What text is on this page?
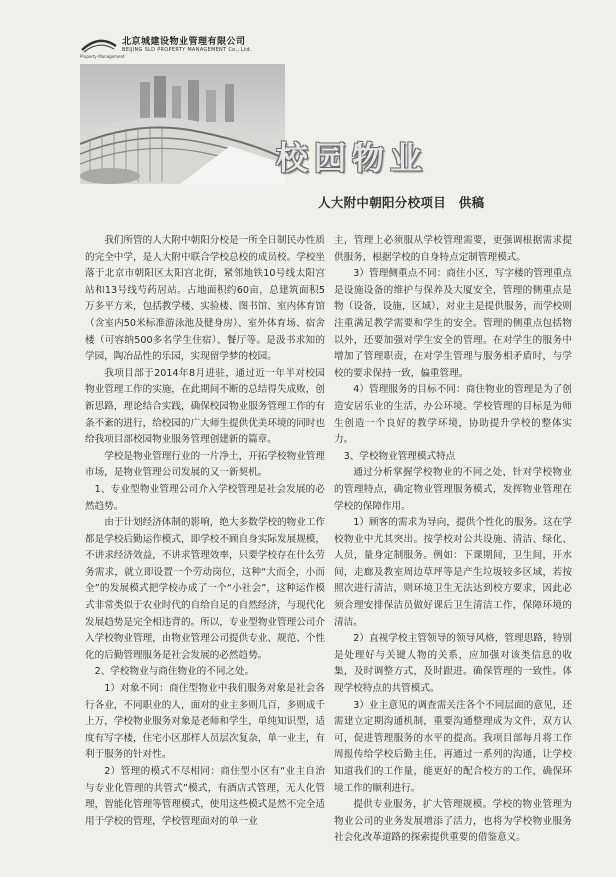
北京城建设物业管理有限公司
BEIJING SLD PROPERTY MANAGEMENT Co., Ltd.
Property Management
校园物业
人大附中朝阳分校项目　供稿

我们所管的人大附中朝阳分校是一所全日制民办性质的完全中学，是人大附中联合学校总校的成员校。学校坐落于北京市朝阳区太阳宫北街，紧邻地铁10号线太阳宫站和13号线芍药居站。占地面积约60亩，总建筑面积5万多平方米，包括教学楼、实验楼、图书馆、室内体育馆（含室内50米标准游泳池及健身房）、室外体育场、宿舍楼（可容纳500多名学生住宿）、餐厅等。是汲书求知的学园，陶冶品性的乐园，实现留学梦的校园。

我项目部于2014年8月进驻，通过近一年半对校园物业管理工作的实施，在此期间不断的总结得失成败，创新思路，理论结合实践，确保校园物业服务管理工作的有条不紊的进行，给校园的广大师生提供优美环境的同时也给我项目部校园物业服务管理创建新的篇章。

学校是物业管理行业的一片净土，开拓学校物业管理市场，是物业管理公司发展的又一新契机。

1、专业型物业管理公司介入学校管理是社会发展的必然趋势。

由于计划经济体制的影响，绝大多数学校的物业工作都是学校后勤运作模式，即学校不顾自身实际发展规模，不讲求经济效益，不讲求管理效率，只要学校存在什么劳务需求，就立即设置一个劳动岗位，这种“大而全，小而全”的发展模式把学校办成了一个“小社会”，这种运作模式非常类似于农业时代的自给自足的自然经济，与现代化发展趋势是完全相违背的。所以，专业型物业管理公司介入学校物业管理，由物业管理公司提供专业、规范、个性化的后勤管理服务是社会发展的必然趋势。

2、学校物业与商住物业的不同之处。

1）对象不同：商住型物业中我们服务对象是社会各行各业，不同职业的人，面对的业主多则几百，多则成千上万，学校物业服务对象是老师和学生，单纯知识型，适度有写字楼，住宅小区那样人员层次复杂，单一业主，有利于服务的针对性。

2）管理的模式不尽相同：商住型小区有“业主自治与专业化管理的共管式”模式，有酒店式管理，无人化管理，智能化管理等管理模式，使用这些模式是然不完全适用于学校的管理，学校管理面对的单一业

主，管理上必须服从学校管理需要，更强调根据需求提供服务，根据学校的自身特点定制管理模式。

3）管理侧重点不同：商住小区，写字楼的管理重点是设施设备的维护与保养及大厦安全，管理的侧重点是物（设备，设施，区域），对业主是提供服务，而学校则注重满足教学需要和学生的安全。管理的侧重点包括物以外，还要加强对学生安全的管理。在对学生的服务中增加了管理职责，在对学生管理与服务相矛盾时，与学校的要求保持一致，偏重管理。

4）管理服务的目标不同：商住物业的管理是为了创造安居乐业的生活，办公环境。学校管理的目标是为师生创造一个良好的教学环境，协助提升学校的整体实力。

3、学校物业管理模式特点

通过分析掌握学校物业的不同之处，针对学校物业的管理特点，确定物业管理服务模式，发挥物业管理在学校的保障作用。

1）顾客的需求为导向，提供个性化的服务。这在学校物业中尤其突出。按学校对公共设施、清洁、绿化、人员，量身定制服务。例如：下课期间，卫生间，开水间，走廊及教室周边草坪等是产生垃圾较多区域，若按照次进行清洁，则环境卫生无法达到校方要求，因此必须合理安排保洁员做好课后卫生清洁工作，保障环境的清洁。

2）直视学校主管领导的领导风格，管理思路，特别是处理好与关键人物的关系，应加强对该类信息的收集，及时调整方式，及时跟进。确保管理的一致性。体现学校特点的共管模式。

3）业主意见的调查需关注各个不同层面的意见，还需建立定期沟通机制，重要沟通整理成为文件，双方认可，促进管理服务的水平的提高。我项目部每月将工作周报传给学校后勤主任，再通过一系列的沟通，让学校知道我们的工作量，能更好的配合校方的工作，确保环境工作的顺利进行。

提供专业服务，扩大管理规模。学校的物业管理为物业公司的业务发展增添了活力，也将为学校物业服务社会化改革道路的探索提供重要的借鉴意义。
